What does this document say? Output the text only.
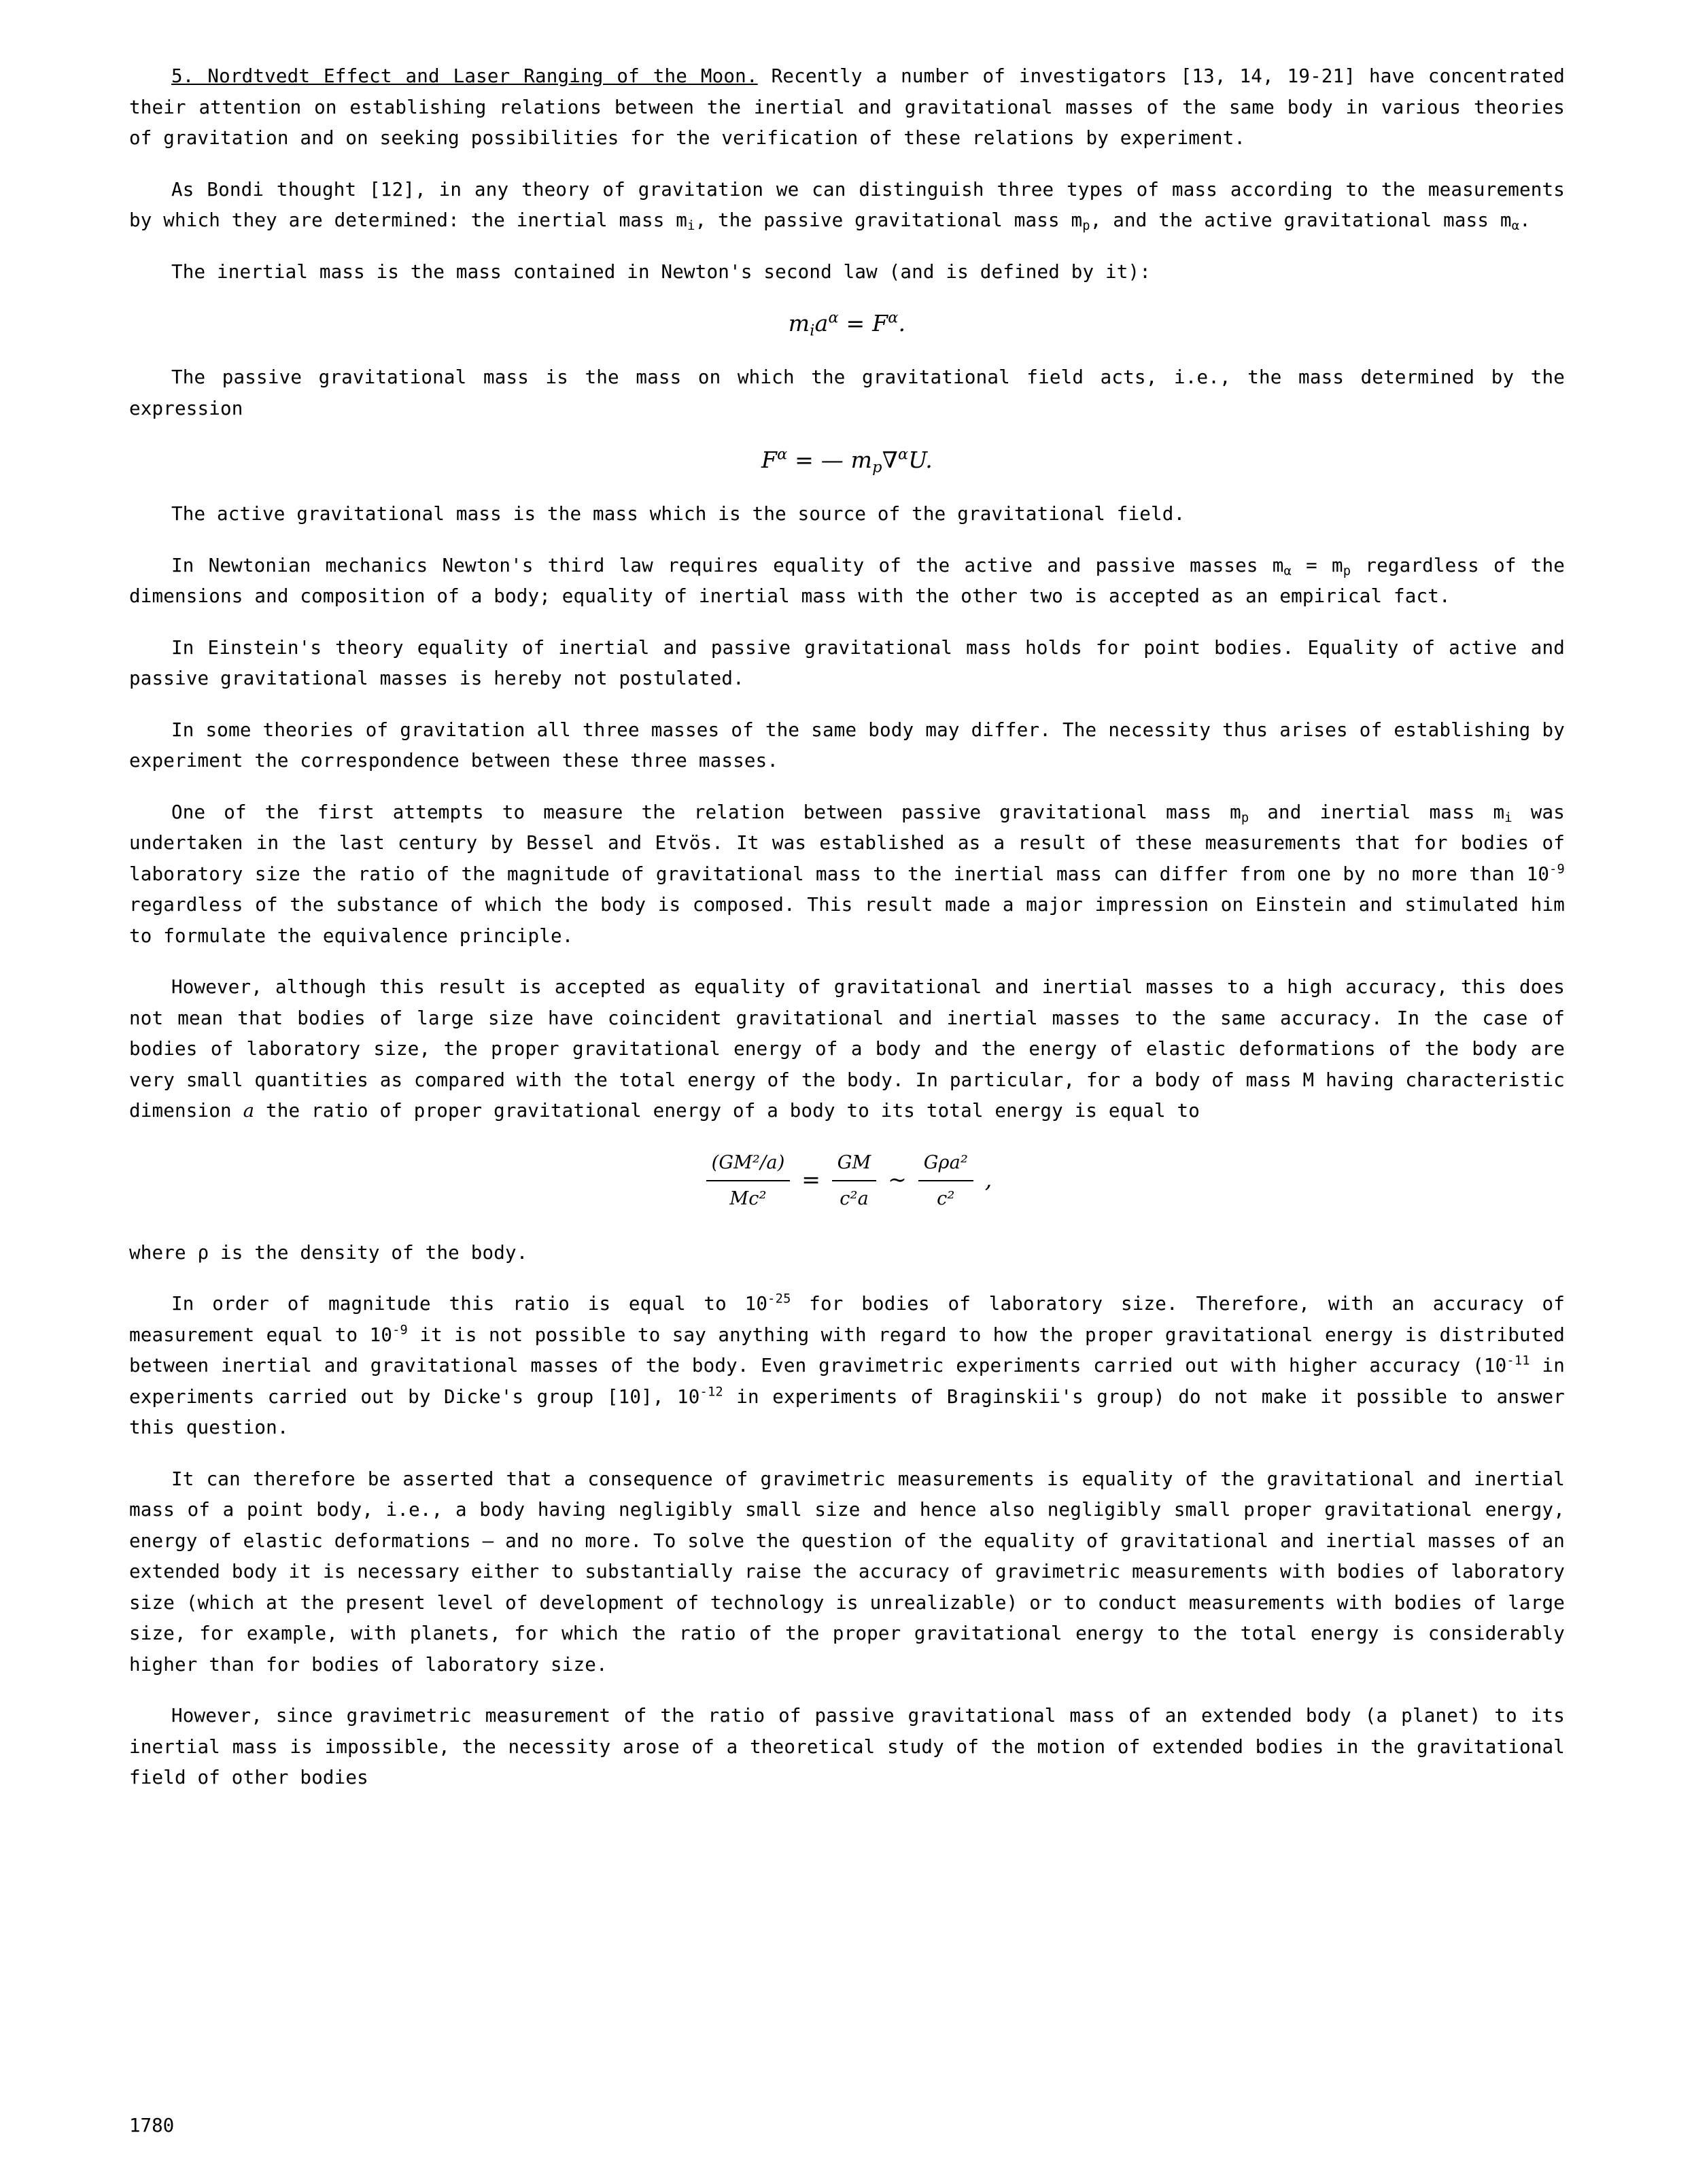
5. Nordtvedt Effect and Laser Ranging of the Moon. Recently a number of investigators [13, 14, 19-21] have concentrated their attention on establishing relations between the inertial and gravitational masses of the same body in various theories of gravitation and on seeking possibilities for the verification of these relations by experiment.

As Bondi thought [12], in any theory of gravitation we can distinguish three types of mass according to the measurements by which they are determined: the inertial mass $m_i$, the passive gravitational mass $m_p$, and the active gravitational mass $m_\alpha$.

The inertial mass is the mass contained in Newton's second law (and is defined by it):

$m_ia^\alpha = F^\alpha$.

The passive gravitational mass is the mass on which the gravitational field acts, i.e., the mass determined by the expression

$F^\alpha$ = — $m_p\nabla^\alpha U$.

The active gravitational mass is the mass which is the source of the gravitational field.

In Newtonian mechanics Newton's third law requires equality of the active and passive masses $m_\alpha = m_p$ regardless of the dimensions and composition of a body; equality of inertial mass with the other two is accepted as an empirical fact.

In Einstein's theory equality of inertial and passive gravitational mass holds for point bodies. Equality of active and passive gravitational masses is hereby not postulated.

In some theories of gravitation all three masses of the same body may differ. The necessity thus arises of establishing by experiment the correspondence between these three masses.

One of the first attempts to measure the relation between passive gravitational mass $m_p$ and inertial mass $m_i$ was undertaken in the last century by Bessel and Etvös. It was established as a result of these measurements that for bodies of laboratory size the ratio of the magnitude of gravitational mass to the inertial mass can differ from one by no more than $10^{-9}$ regardless of the substance of which the body is composed. This result made a major impression on Einstein and stimulated him to formulate the equivalence principle.

However, although this result is accepted as equality of gravitational and inertial masses to a high accuracy, this does not mean that bodies of large size have coincident gravitational and inertial masses to the same accuracy. In the case of bodies of laboratory size, the proper gravitational energy of a body and the energy of elastic deformations of the body are very small quantities as compared with the total energy of the body. In particular, for a body of mass M having characteristic dimension a the ratio of proper gravitational energy of a body to its total energy is equal to

$\frac{\text{(GM²/a)}}{\text{Mc²}} = \frac{GM}{\text{c²a}}$ ∼ $\frac{\text{Gρa²}}{\text{c²}}$ ,

where ρ is the density of the body.

In order of magnitude this ratio is equal to $10^{-25}$ for bodies of laboratory size. Therefore, with an accuracy of measurement equal to $10^{-9}$ it is not possible to say anything with regard to how the proper gravitational energy is distributed between inertial and gravitational masses of the body. Even gravimetric experiments carried out with higher accuracy ($10^{-11}$ in experiments carried out by Dicke's group [10], $10^{-12}$ in experiments of Braginskii's group) do not make it possible to answer this question.

It can therefore be asserted that a consequence of gravimetric measurements is equality of the gravitational and inertial mass of a point body, i.e., a body having negligibly small size and hence also negligibly small proper gravitational energy, energy of elastic deformations — and no more. To solve the question of the equality of gravitational and inertial masses of an extended body it is necessary either to substantially raise the accuracy of gravimetric measurements with bodies of laboratory size (which at the present level of development of technology is unrealizable) or to conduct measurements with bodies of large size, for example, with planets, for which the ratio of the proper gravitational energy to the total energy is considerably higher than for bodies of laboratory size.

However, since gravimetric measurement of the ratio of passive gravitational mass of an extended body (a planet) to its inertial mass is impossible, the necessity arose of a theoretical study of the motion of extended bodies in the gravitational field of other bodies

1780
